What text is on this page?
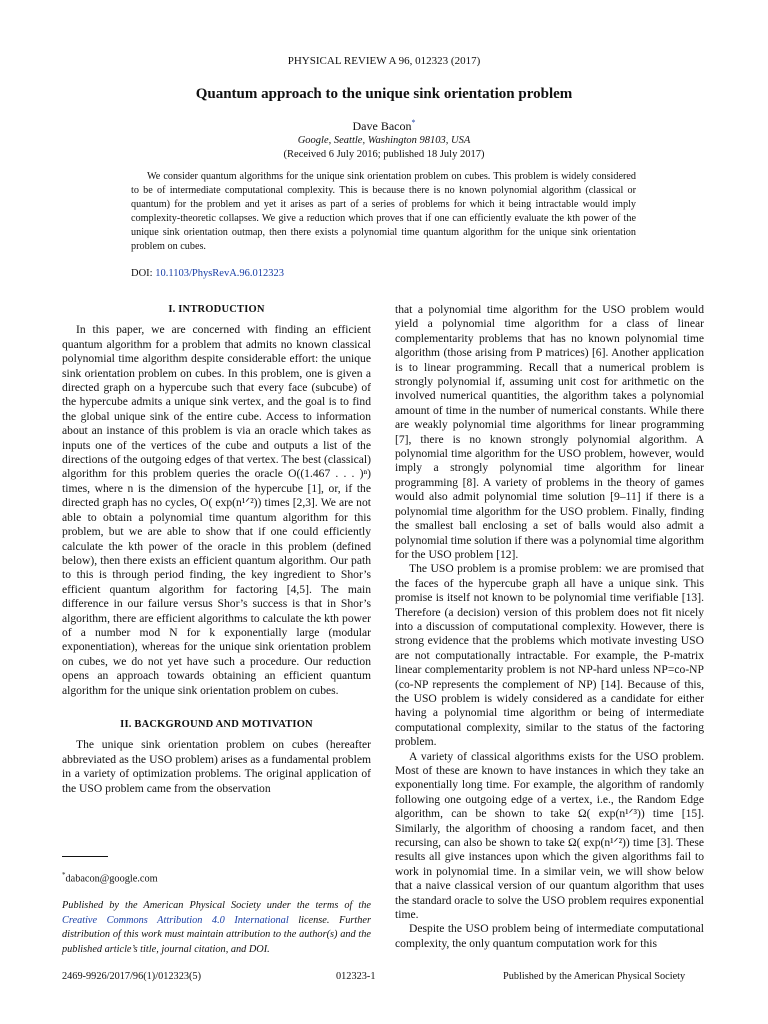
PHYSICAL REVIEW A 96, 012323 (2017)
Quantum approach to the unique sink orientation problem
Dave Bacon*
Google, Seattle, Washington 98103, USA
(Received 6 July 2016; published 18 July 2017)
We consider quantum algorithms for the unique sink orientation problem on cubes. This problem is widely considered to be of intermediate computational complexity. This is because there is no known polynomial algorithm (classical or quantum) for the problem and yet it arises as part of a series of problems for which it being intractable would imply complexity-theoretic collapses. We give a reduction which proves that if one can efficiently evaluate the kth power of the unique sink orientation outmap, then there exists a polynomial time quantum algorithm for the unique sink orientation problem on cubes.
DOI: 10.1103/PhysRevA.96.012323
I. INTRODUCTION

In this paper, we are concerned with finding an efficient quantum algorithm for a problem that admits no known classical polynomial time algorithm despite considerable effort: the unique sink orientation problem on cubes. In this problem, one is given a directed graph on a hypercube such that every face (subcube) of the hypercube admits a unique sink vertex, and the goal is to find the global unique sink of the entire cube. Access to information about an instance of this problem is via an oracle which takes as inputs one of the vertices of the cube and outputs a list of the directions of the outgoing edges of that vertex. The best (classical) algorithm for this problem queries the oracle O((1.467 . . . )ⁿ) times, where n is the dimension of the hypercube [1], or, if the directed graph has no cycles, O( exp(n¹ᐟ²)) times [2,3]. We are not able to obtain a polynomial time quantum algorithm for this problem, but we are able to show that if one could efficiently calculate the kth power of the oracle in this problem (defined below), then there exists an efficient quantum algorithm. Our path to this is through period finding, the key ingredient to Shor’s efficient quantum algorithm for factoring [4,5]. The main difference in our failure versus Shor’s success is that in Shor’s algorithm, there are efficient algorithms to calculate the kth power of a number mod N for k exponentially large (modular exponentiation), whereas for the unique sink orientation problem on cubes, we do not yet have such a procedure. Our reduction opens an approach towards obtaining an efficient quantum algorithm for the unique sink orientation problem on cubes.

II. BACKGROUND AND MOTIVATION

The unique sink orientation problem on cubes (hereafter abbreviated as the USO problem) arises as a fundamental problem in a variety of optimization problems. The original application of the USO problem came from the observation

that a polynomial time algorithm for the USO problem would yield a polynomial time algorithm for a class of linear complementarity problems that has no known polynomial time algorithm (those arising from P matrices) [6]. Another application is to linear programming. Recall that a numerical problem is strongly polynomial if, assuming unit cost for arithmetic on the involved numerical quantities, the algorithm takes a polynomial amount of time in the number of numerical constants. While there are weakly polynomial time algorithms for linear programming [7], there is no known strongly polynomial algorithm. A polynomial time algorithm for the USO problem, however, would imply a strongly polynomial time algorithm for linear programming [8]. A variety of problems in the theory of games would also admit polynomial time solution [9–11] if there is a polynomial time algorithm for the USO problem. Finally, finding the smallest ball enclosing a set of balls would also admit a polynomial time solution if there was a polynomial time algorithm for the USO problem [12].

The USO problem is a promise problem: we are promised that the faces of the hypercube graph all have a unique sink. This promise is itself not known to be polynomial time verifiable [13]. Therefore (a decision) version of this problem does not fit nicely into a discussion of computational complexity. However, there is strong evidence that the problems which motivate investing USO are not computationally intractable. For example, the P-matrix linear complementarity problem is not NP-hard unless NP=co-NP (co-NP represents the complement of NP) [14]. Because of this, the USO problem is widely considered as a candidate for either having a polynomial time algorithm or being of intermediate computational complexity, similar to the status of the factoring problem.

A variety of classical algorithms exists for the USO problem. Most of these are known to have instances in which they take an exponentially long time. For example, the algorithm of randomly following one outgoing edge of a vertex, i.e., the Random Edge algorithm, can be shown to take Ω( exp(n¹ᐟ³)) time [15]. Similarly, the algorithm of choosing a random facet, and then recursing, can also be shown to take Ω( exp(n¹ᐟ²)) time [3]. These results all give instances upon which the given algorithms fail to work in polynomial time. In a similar vein, we will show below that a naive classical version of our quantum algorithm that uses the standard oracle to solve the USO problem requires exponential time.

Despite the USO problem being of intermediate computational complexity, the only quantum computation work for this

*dabacon@google.com
Published by the American Physical Society under the terms of the Creative Commons Attribution 4.0 International license. Further distribution of this work must maintain attribution to the author(s) and the published article’s title, journal citation, and DOI.
2469-9926/2017/96(1)/012323(5)	012323-1	Published by the American Physical Society
